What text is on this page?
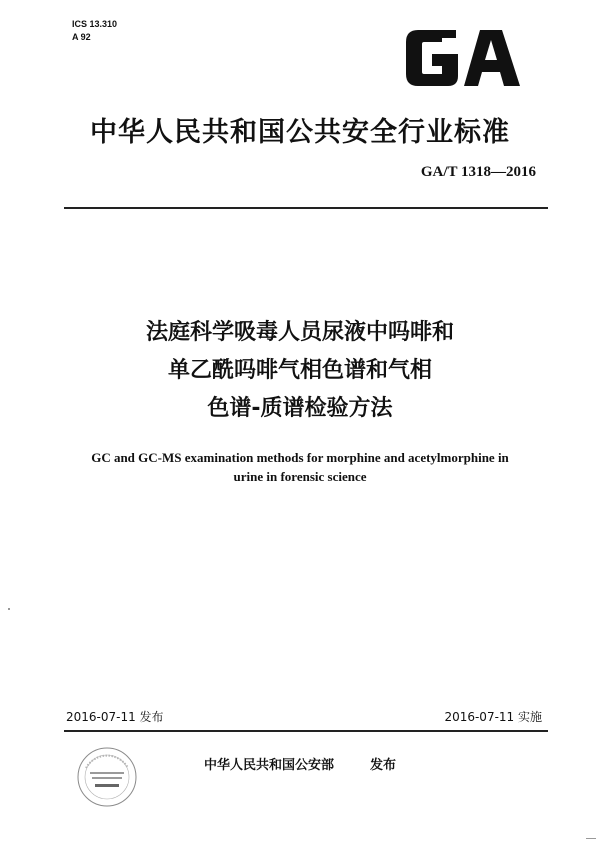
ICS 13.310
A 92
中华人民共和国公共安全行业标准
GA/T 1318—2016
法庭科学吸毒人员尿液中吗啡和
单乙酰吗啡气相色谱和气相
色谱-质谱检验方法
GC and GC-MS examination methods for morphine and acetylmorphine in
urine in forensic science
2016-07-11 发布	2016-07-11 实施
中华人民共和国公安部	发布
